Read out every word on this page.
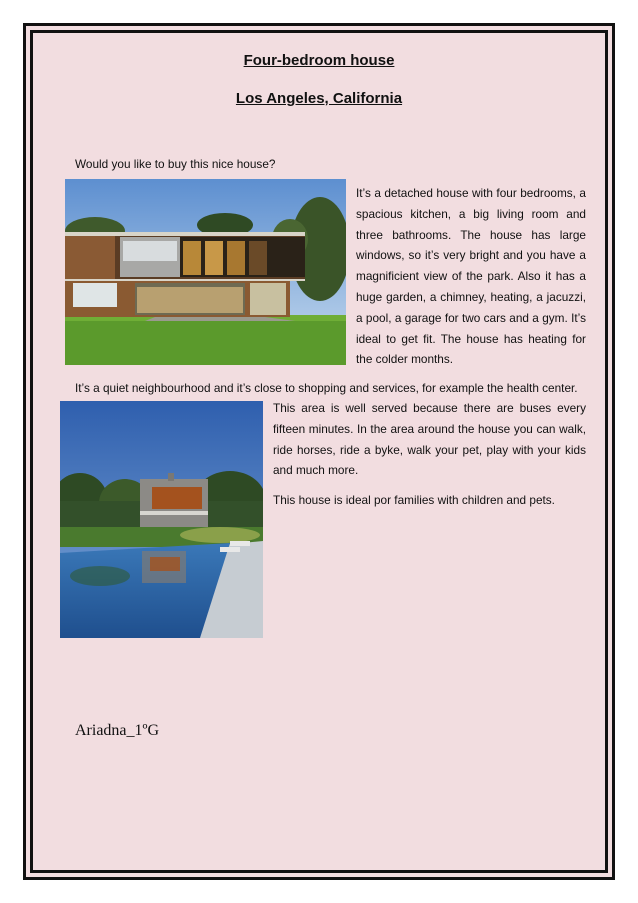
Four-bedroom house
Los Angeles, California
Would you like to buy this nice house?
It’s a detached house with four bedrooms, a spacious kitchen, a big living room and three bathrooms. The house has large windows, so it’s very bright and you have a magnificient view of the park. Also it has a huge garden, a chimney, heating, a jacuzzi, a pool, a garage for two cars and a gym. It’s ideal to get fit. The house has heating for the colder months.
It’s a quiet neighbourhood and it’s close to shopping and services, for example the health center.
This area is well served because there are buses every fifteen minutes. In the area around the house you can walk, ride horses, ride a byke, walk your pet, play with your kids and much more.
This house is ideal por families with children and pets.
Ariadna_1ºG
